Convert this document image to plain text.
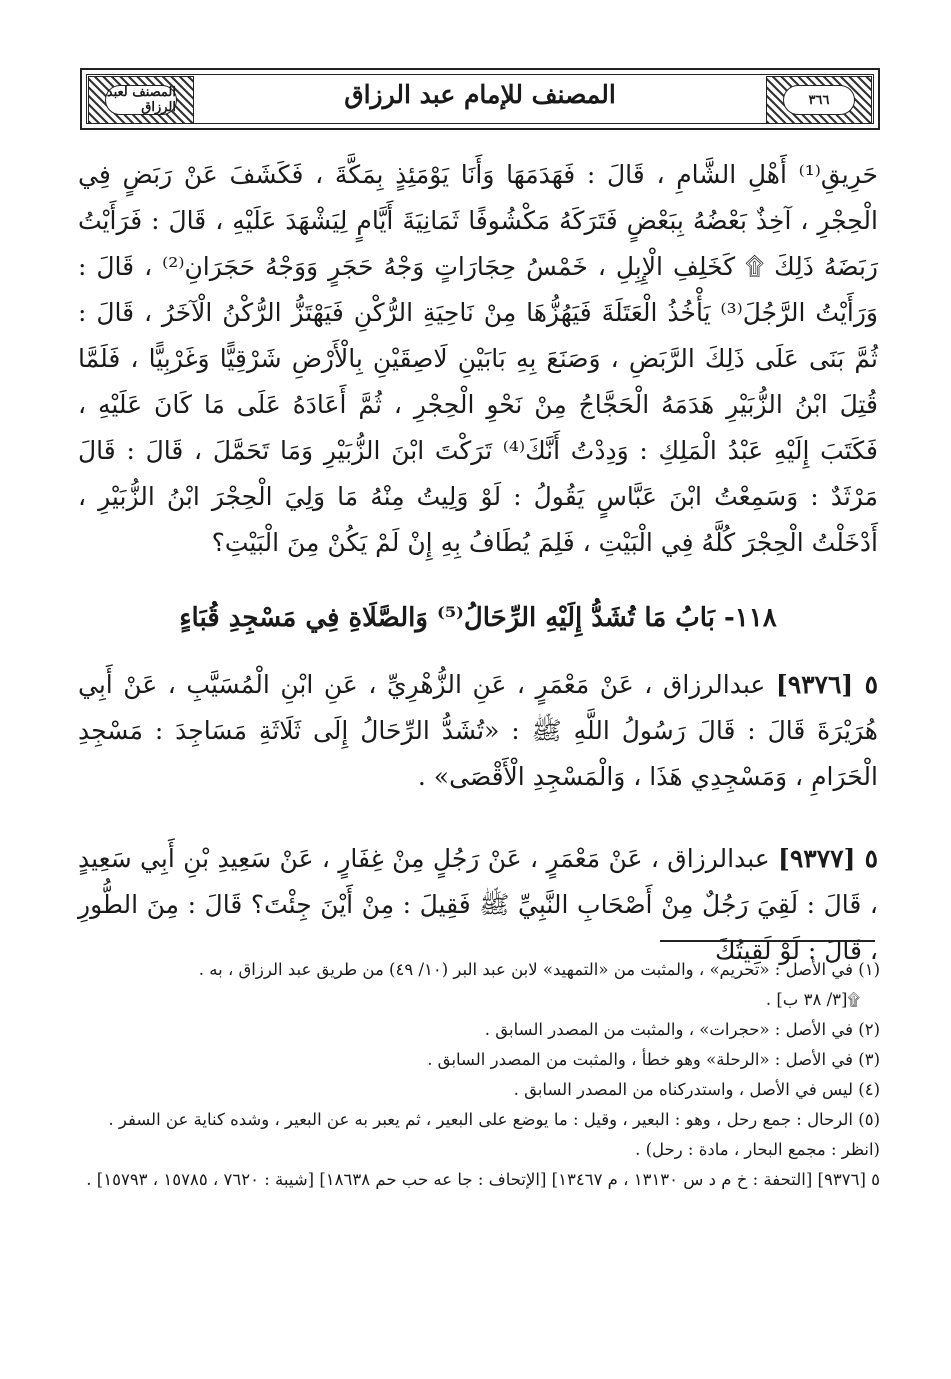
المصنف لعبد الرزاق	المصنف للإمام عبد الرزاق	٣٦٦
حَرِيقِ⁽¹⁾ أَهْلِ الشَّامِ ، قَالَ : فَهَدَمَهَا وَأَنَا يَوْمَئِذٍ بِمَكَّةَ ، فَكَشَفَ عَنْ رَبَضٍ فِي الْحِجْرِ ، آخِذٌ بَعْضُهُ بِبَعْضٍ فَتَرَكَهُ مَكْشُوفًا ثَمَانِيَةَ أَيَّامٍ لِيَشْهَدَ عَلَيْهِ ، قَالَ : فَرَأَيْتُ رَبَضَهُ ذَلِكَ ۩ كَخَلِفِ الْإِبِلِ ، خَمْسُ حِجَارَاتٍ وَجْهُ حَجَرٍ وَوَجْهُ حَجَرَانِ⁽²⁾ ، قَالَ : وَرَأَيْتُ الرَّجُلَ⁽³⁾ يَأْخُذُ الْعَتَلَةَ فَيَهُزُّهَا مِنْ نَاحِيَةِ الرُّكْنِ فَيَهْتَزُّ الرُّكْنُ الْآخَرُ ، قَالَ : ثُمَّ بَنَى عَلَى ذَلِكَ الرَّبَضِ ، وَصَنَعَ بِهِ بَابَيْنِ لَاصِقَيْنِ بِالْأَرْضِ شَرْقِيًّا وَغَرْبِيًّا ، فَلَمَّا قُتِلَ ابْنُ الزُّبَيْرِ هَدَمَهُ الْحَجَّاجُ مِنْ نَحْوِ الْحِجْرِ ، ثُمَّ أَعَادَهُ عَلَى مَا كَانَ عَلَيْهِ ، فَكَتَبَ إِلَيْهِ عَبْدُ الْمَلِكِ : وَدِدْتُ أَنَّكَ⁽⁴⁾ تَرَكْتَ ابْنَ الزُّبَيْرِ وَمَا تَحَمَّلَ ، قَالَ : قَالَ مَرْثَدٌ : وَسَمِعْتُ ابْنَ عَبَّاسٍ يَقُولُ : لَوْ وَلِيتُ مِنْهُ مَا وَلِيَ الْحِجْرَ ابْنُ الزُّبَيْرِ ، أَدْخَلْتُ الْحِجْرَ كُلَّهُ فِي الْبَيْتِ ، فَلِمَ يُطَافُ بِهِ إِنْ لَمْ يَكُنْ مِنَ الْبَيْتِ؟
١١٨- بَابُ مَا تُشَدُّ إِلَيْهِ الرِّحَالُ⁽⁵⁾ وَالصَّلَاةِ فِي مَسْجِدِ قُبَاءٍ
٥ [٩٣٧٦] عبدالرزاق ، عَنْ مَعْمَرٍ ، عَنِ الزُّهْرِيِّ ، عَنِ ابْنِ الْمُسَيَّبِ ، عَنْ أَبِي هُرَيْرَةَ قَالَ : قَالَ رَسُولُ اللَّهِ ﷺ : «تُشَدُّ الرِّحَالُ إِلَى ثَلَاثَةِ مَسَاجِدَ : مَسْجِدِ الْحَرَامِ ، وَمَسْجِدِي هَذَا ، وَالْمَسْجِدِ الْأَقْصَى» .
٥ [٩٣٧٧] عبدالرزاق ، عَنْ مَعْمَرٍ ، عَنْ رَجُلٍ مِنْ غِفَارٍ ، عَنْ سَعِيدِ بْنِ أَبِي سَعِيدٍ ، قَالَ : لَقِيَ رَجُلٌ مِنْ أَصْحَابِ النَّبِيِّ ﷺ فَقِيلَ : مِنْ أَيْنَ جِئْتَ؟ قَالَ : مِنَ الطُّورِ ، قَالَ : لَوْ لَقِيتُكَ

(١) في الأصل : «تحريم» ، والمثبت من «التمهيد» لابن عبد البر (١٠/ ٤٩) من طريق عبد الرزاق ، به .

۩[٣/ ٣٨ ب] .

(٢) في الأصل : «حجرات» ، والمثبت من المصدر السابق .

(٣) في الأصل : «الرحلة» وهو خطأ ، والمثبت من المصدر السابق .

(٤) ليس في الأصل ، واستدركناه من المصدر السابق .

(٥) الرحال : جمع رحل ، وهو : البعير ، وقيل : ما يوضع على البعير ، ثم يعبر به عن البعير ، وشده كناية عن السفر . (انظر : مجمع البحار ، مادة : رحل) .

٥ [٩٣٧٦] [التحفة : خ م د س ١٣١٣٠ ، م ١٣٤٦٧] [الإتحاف : جا عه حب حم ١٨٦٣٨] [شيبة : ٧٦٢٠ ، ١٥٧٨٥ ، ١٥٧٩٣] .
